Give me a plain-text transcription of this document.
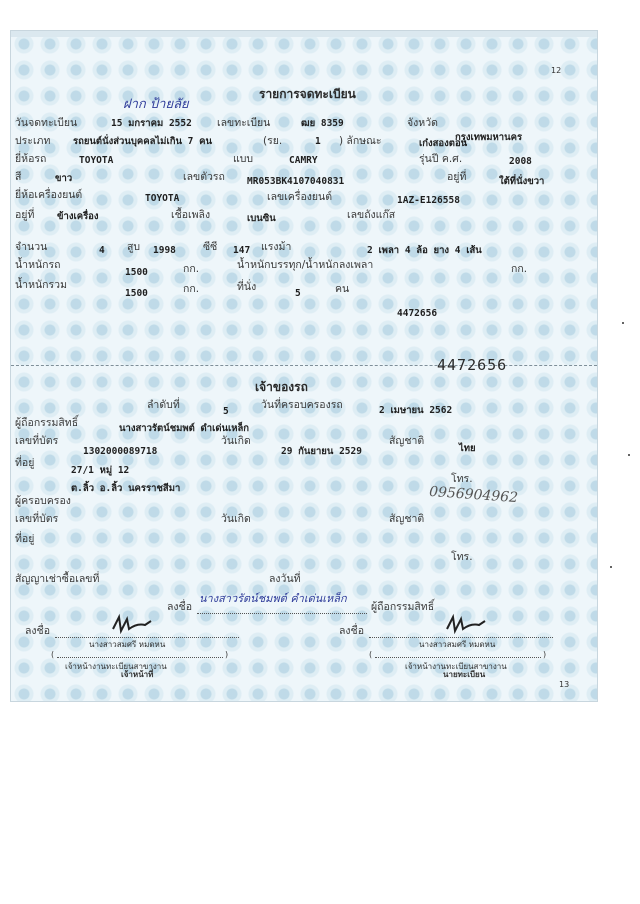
12
รายการจดทะเบียน
ฝาก ป้ายลัย
วันจดทะเบียน	15 มกราคม 2552 เลขทะเบียน	ฒย 8359	จังหวัด
กรุงเทพมหานคร
ประเภท รถยนต์นั่งส่วนบุคคลไม่เกิน 7 คน	(รย.	1 ) ลักษณะ	เก๋งสองตอน
ยี่ห้อรถ	TOYOTA	แบบ	CAMRY	รุ่นปี ค.ศ.	2008
สี	ขาว	เลขตัวรถ MR053BK4107040831	อยู่ที่	ใต้ที่นั่งขวา
ยี่ห้อเครื่องยนต์	TOYOTA	เลขเครื่องยนต์	1AZ-E126558
อยู่ที่ ข้างเครื่อง	เชื้อเพลิง	เบนซิน	เลขถังแก๊ส
จำนวน	4 สูบ 1998	ซีซี 147 แรงม้า	2 เพลา 4 ล้อ ยาง 4 เส้น
น้ำหนักรถ
1500	กก.	น้ำหนักบรรทุก/น้ำหนักลงเพลา	กก.
น้ำหนักรวม
1500	กก.	ที่นั่ง
5	คน
4472656
4472656
เจ้าของรถ
ลำดับที่
5
วันที่ครอบครองรถ	2 เมษายน 2562
ผู้ถือกรรมสิทธิ์	นางสาวรัตน์ชมพต์ ดำเด่นเหล็ก
เลขที่บัตร
1302000089718
วันเกิด
29 กันยายน 2529
สัญชาติ
ไทย
ที่อยู่
27/1 หมู่ 12
ต.ลิ้ว อ.ลิ้ว นครราชสีมา
โทร.
0956904962
ผู้ครอบครอง
เลขที่บัตร	วันเกิด	สัญชาติ
ที่อยู่
โทร.
สัญญาเช่าซื้อเลขที่	ลงวันที่
ลงชื่อ
นางสาวรัตน์ชมพต์ คำเด่นเหล็ก
ผู้ถือกรรมสิทธิ์
ลงชื่อ
นางสาวสมศรี หมดหน
(	)
เจ้าหน้างานทะเบียนสาขางาน
เจ้าหน้าที่
ลงชื่อ
นางสาวสมศรี หมดหน
(	)
เจ้าหน้างานทะเบียนสาขางาน
นายทะเบียน
13
